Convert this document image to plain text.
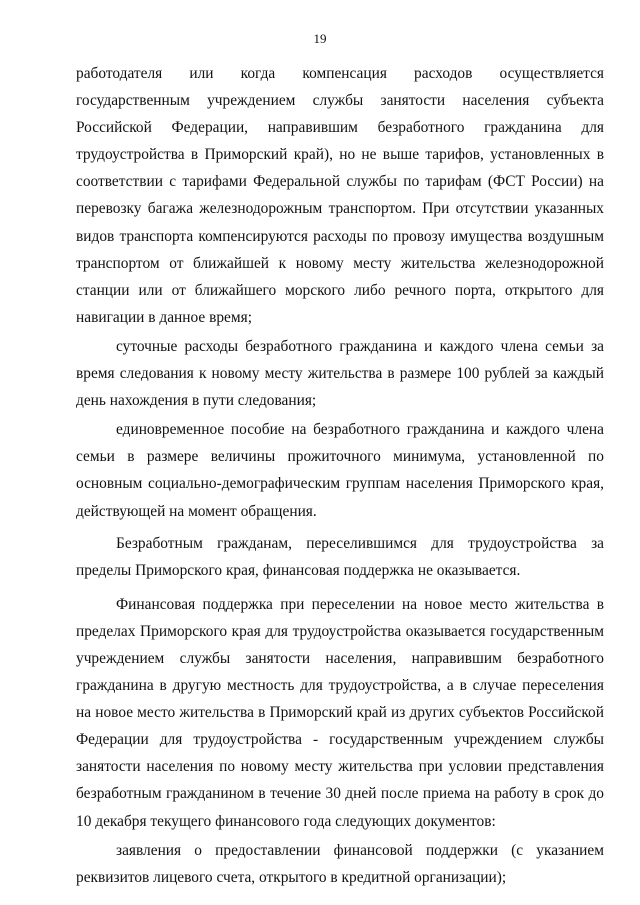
19

работодателя или когда компенсация расходов осуществляется государственным учреждением службы занятости населения субъекта Российской Федерации, направившим безработного гражданина для трудоустройства в Приморский край), но не выше тарифов, установленных в соответствии с тарифами Федеральной службы по тарифам (ФСТ России) на перевозку багажа железнодорожным транспортом. При отсутствии указанных видов транспорта компенсируются расходы по провозу имущества воздушным транспортом от ближайшей к новому месту жительства железнодорожной станции или от ближайшего морского либо речного порта, открытого для навигации в данное время;

суточные расходы безработного гражданина и каждого члена семьи за время следования к новому месту жительства в размере 100 рублей за каждый день нахождения в пути следования;

единовременное пособие на безработного гражданина и каждого члена семьи в размере величины прожиточного минимума, установленной по основным социально-демографическим группам населения Приморского края, действующей на момент обращения.

Безработным гражданам, переселившимся для трудоустройства за пределы Приморского края, финансовая поддержка не оказывается.

Финансовая поддержка при переселении на новое место жительства в пределах Приморского края для трудоустройства оказывается государственным учреждением службы занятости населения, направившим безработного гражданина в другую местность для трудоустройства, а в случае переселения на новое место жительства в Приморский край из других субъектов Российской Федерации для трудоустройства - государственным учреждением службы занятости населения по новому месту жительства при условии представления безработным гражданином в течение 30 дней после приема на работу в срок до 10 декабря текущего финансового года следующих документов:

заявления о предоставлении финансовой поддержки (с указанием реквизитов лицевого счета, открытого в кредитной организации);
